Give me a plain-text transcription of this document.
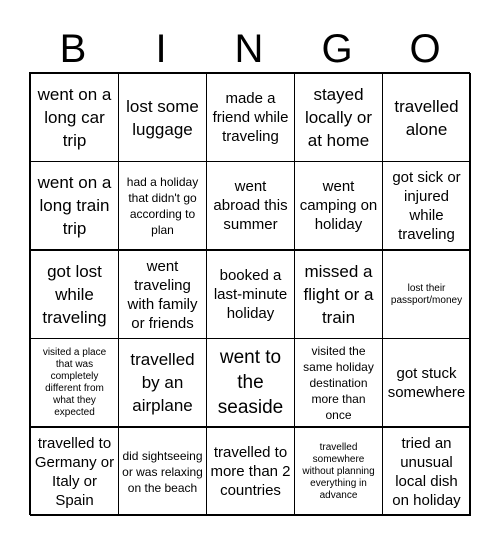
B	I	N	G	O
went on a long car trip
lost some luggage
made a friend while traveling
stayed locally or at home
travelled alone
went on a long train trip
had a holiday that didn't go according to plan
went abroad this summer
went camping on holiday
got sick or injured while traveling
got lost while traveling
went traveling with family or friends
booked a last-minute holiday
missed a flight or a train
lost their passport/money
visited a place that was completely different from what they expected
travelled by an airplane
went to the seaside
visited the same holiday destination more than once
got stuck somewhere
travelled to Germany or Italy or Spain
did sightseeing or was relaxing on the beach
travelled to more than 2 countries
travelled somewhere without planning everything in advance
tried an unusual local dish on holiday
